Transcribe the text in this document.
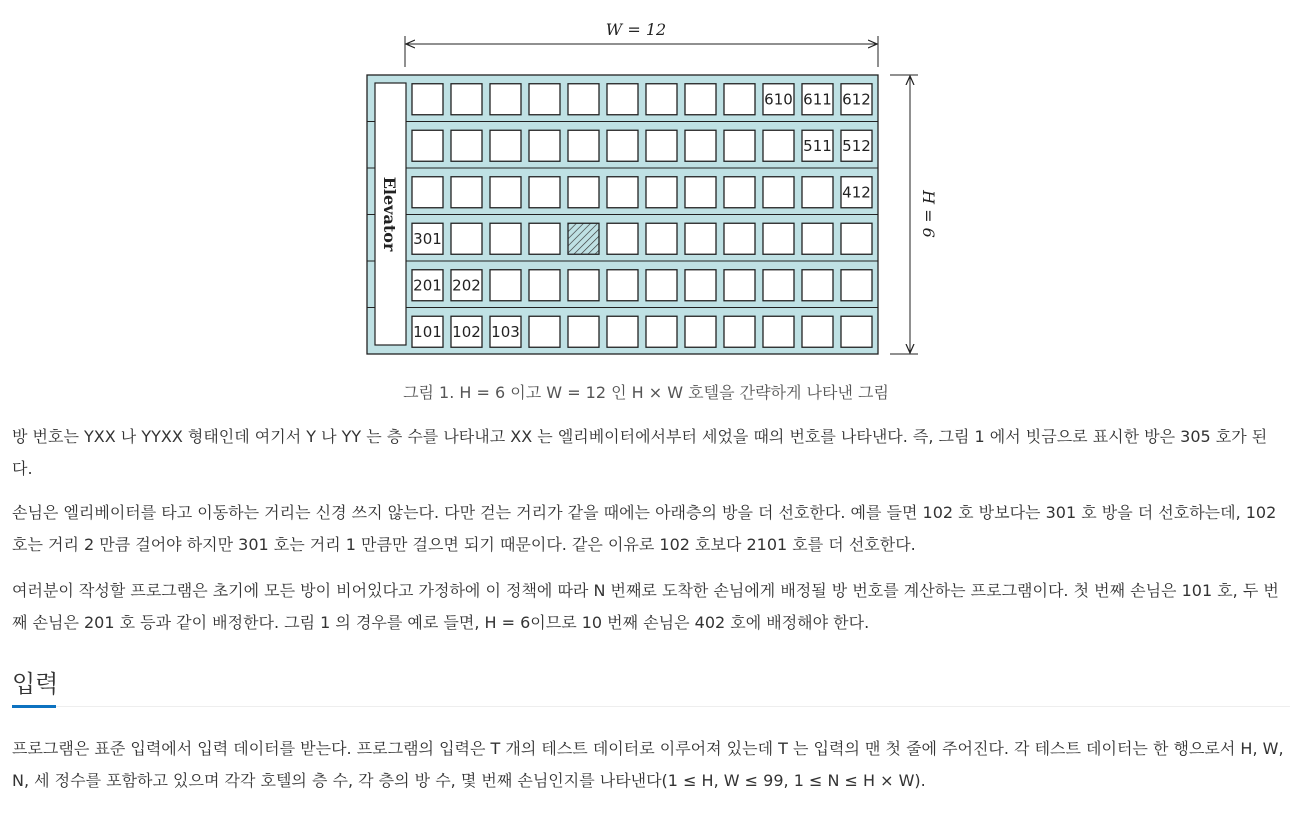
W = 12
H = 6
Elevator
610 611 612
511 512
412
301
201 202
101 102 103
그림 1. H = 6 이고 W = 12 인 H × W 호텔을 간략하게 나타낸 그림

방 번호는 YXX 나 YYXX 형태인데 여기서 Y 나 YY 는 층 수를 나타내고 XX 는 엘리베이터에서부터 세었을 때의 번호를 나타낸다. 즉, 그림 1 에서 빗금으로 표시한 방은 305 호가 된다.

손님은 엘리베이터를 타고 이동하는 거리는 신경 쓰지 않는다. 다만 걷는 거리가 같을 때에는 아래층의 방을 더 선호한다. 예를 들면 102 호 방보다는 301 호 방을 더 선호하는데, 102 호는 거리 2 만큼 걸어야 하지만 301 호는 거리 1 만큼만 걸으면 되기 때문이다. 같은 이유로 102 호보다 2101 호를 더 선호한다.

여러분이 작성할 프로그램은 초기에 모든 방이 비어있다고 가정하에 이 정책에 따라 N 번째로 도착한 손님에게 배정될 방 번호를 계산하는 프로그램이다. 첫 번째 손님은 101 호, 두 번째 손님은 201 호 등과 같이 배정한다. 그림 1 의 경우를 예로 들면, H = 6이므로 10 번째 손님은 402 호에 배정해야 한다.

입력

프로그램은 표준 입력에서 입력 데이터를 받는다. 프로그램의 입력은 T 개의 테스트 데이터로 이루어져 있는데 T 는 입력의 맨 첫 줄에 주어진다. 각 테스트 데이터는 한 행으로서 H, W, N, 세 정수를 포함하고 있으며 각각 호텔의 층 수, 각 층의 방 수, 몇 번째 손님인지를 나타낸다(1 ≤ H, W ≤ 99, 1 ≤ N ≤ H × W).
